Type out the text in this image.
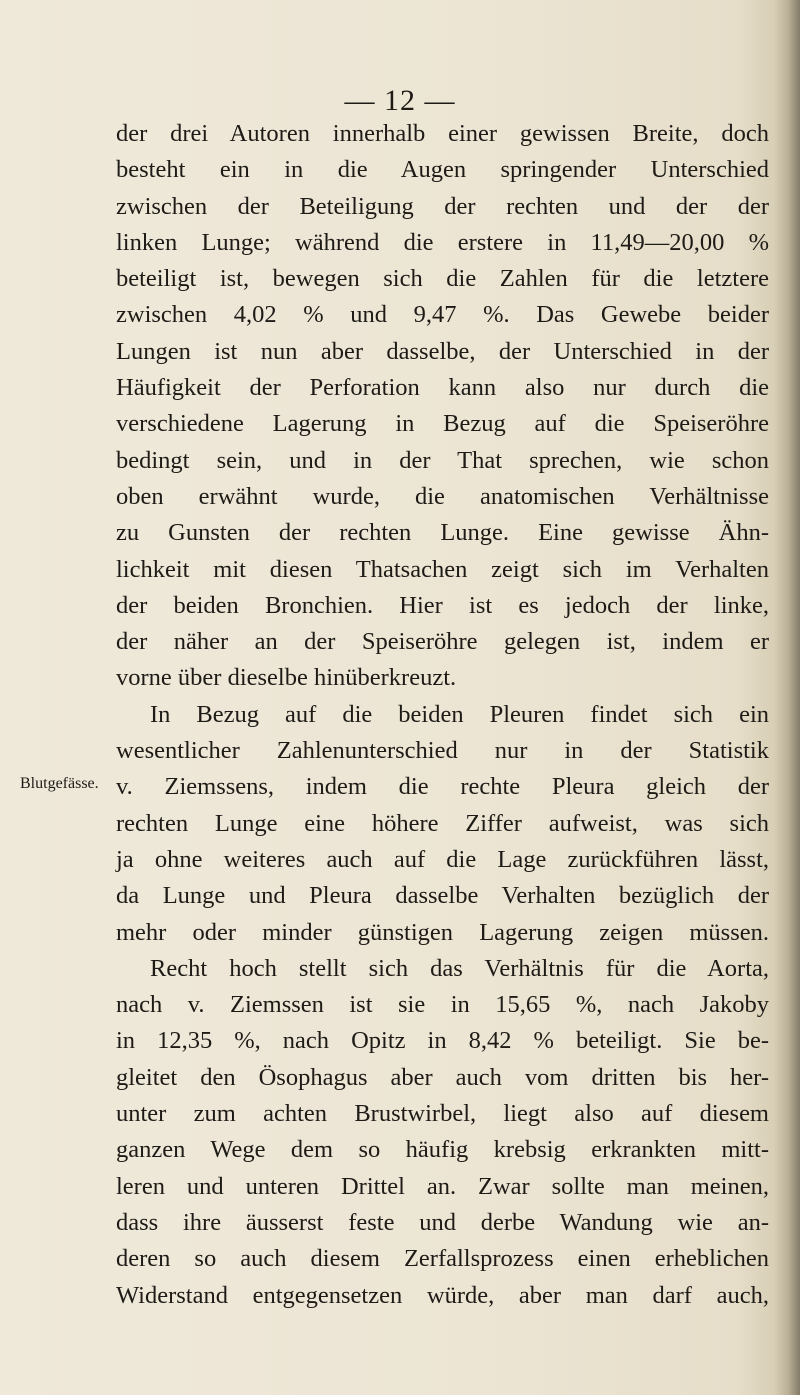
— 12 —
Blutgefässe.
der drei Autoren innerhalb einer gewissen Breite, doch
besteht ein in die Augen springender Unterschied
zwischen der Beteiligung der rechten und der der
linken Lunge; während die erstere in 11,49—20,00 %
beteiligt ist, bewegen sich die Zahlen für die letztere
zwischen 4,02 % und 9,47 %. Das Gewebe beider
Lungen ist nun aber dasselbe, der Unterschied in der
Häufigkeit der Perforation kann also nur durch die
verschiedene Lagerung in Bezug auf die Speiseröhre
bedingt sein, und in der That sprechen, wie schon
oben erwähnt wurde, die anatomischen Verhältnisse
zu Gunsten der rechten Lunge. Eine gewisse Ähn-
lichkeit mit diesen Thatsachen zeigt sich im Verhalten
der beiden Bronchien. Hier ist es jedoch der linke,
der näher an der Speiseröhre gelegen ist, indem er
vorne über dieselbe hinüberkreuzt.
In Bezug auf die beiden Pleuren findet sich ein
wesentlicher Zahlenunterschied nur in der Statistik
v. Ziemssens, indem die rechte Pleura gleich der
rechten Lunge eine höhere Ziffer aufweist, was sich
ja ohne weiteres auch auf die Lage zurückführen lässt,
da Lunge und Pleura dasselbe Verhalten bezüglich der
mehr oder minder günstigen Lagerung zeigen müssen.
Recht hoch stellt sich das Verhältnis für die Aorta,
nach v. Ziemssen ist sie in 15,65 %, nach Jakoby
in 12,35 %, nach Opitz in 8,42 % beteiligt. Sie be-
gleitet den Ösophagus aber auch vom dritten bis her-
unter zum achten Brustwirbel, liegt also auf diesem
ganzen Wege dem so häufig krebsig erkrankten mitt-
leren und unteren Drittel an. Zwar sollte man meinen,
dass ihre äusserst feste und derbe Wandung wie an-
deren so auch diesem Zerfallsprozess einen erheblichen
Widerstand entgegensetzen würde, aber man darf auch,
